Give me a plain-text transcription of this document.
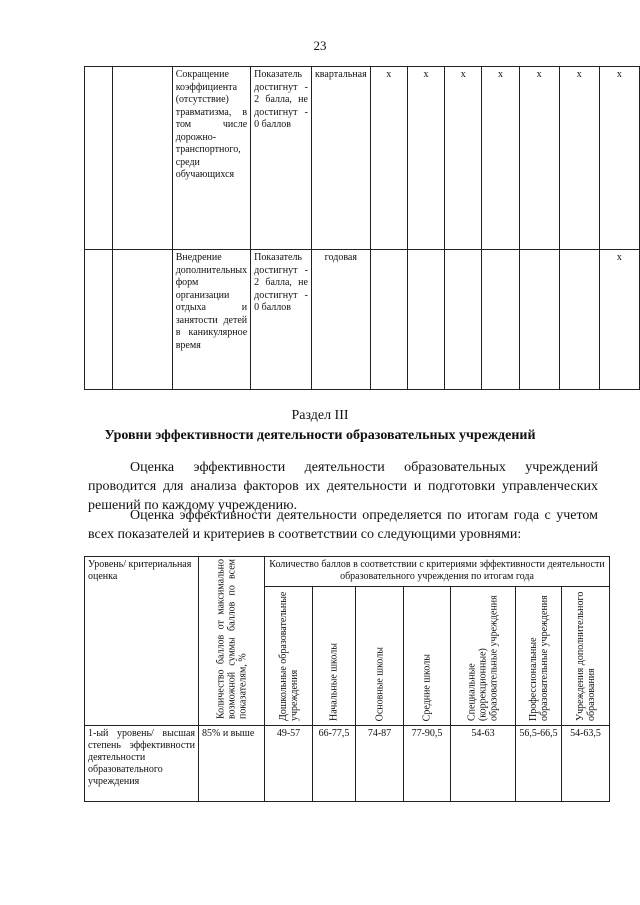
23
		Сокращение коэффициента (отсутствие) травматизма, в том числе дорожно-транспортного, среди обучающихся	Показатель достигнут - 2 балла, не достигнут - 0 баллов	квартальная	x	x	x	x	x	x	x
		Внедрение дополнительных форм организации отдыха и занятости детей в каникулярное время	Показатель достигнут - 2 балла, не достигнут - 0 баллов	годовая							x
Раздел III
Уровни эффективности деятельности образовательных учреждений
Оценка эффективности деятельности образовательных учреждений проводится для анализа факторов их деятельности и подготовки управленческих решений по каждому учреждению.
Оценка эффективности деятельности определяется по итогам года с учетом всех показателей и критериев в соответствии со следующими уровнями:
Уровень/ критериальная оценка	Количество баллов от максимально возможной суммы баллов по всем показателям, %	Количество баллов в соответствии с критериями эффективности деятельности образовательного учреждения по итогам года						

		Дошкольные образовательные учреждения	Начальные школы	Основные школы	Средние школы	Специальные (коррекционные) образовательные учреждения	Профессиональные образовательные учреждения	Учреждения дополнительного образования

1-ый уровень/ высшая степень эффективности деятельности образовательного учреждения	85% и выше	49-57	66-77,5	74-87	77-90,5	54-63	56,5-66,5	54-63,5
